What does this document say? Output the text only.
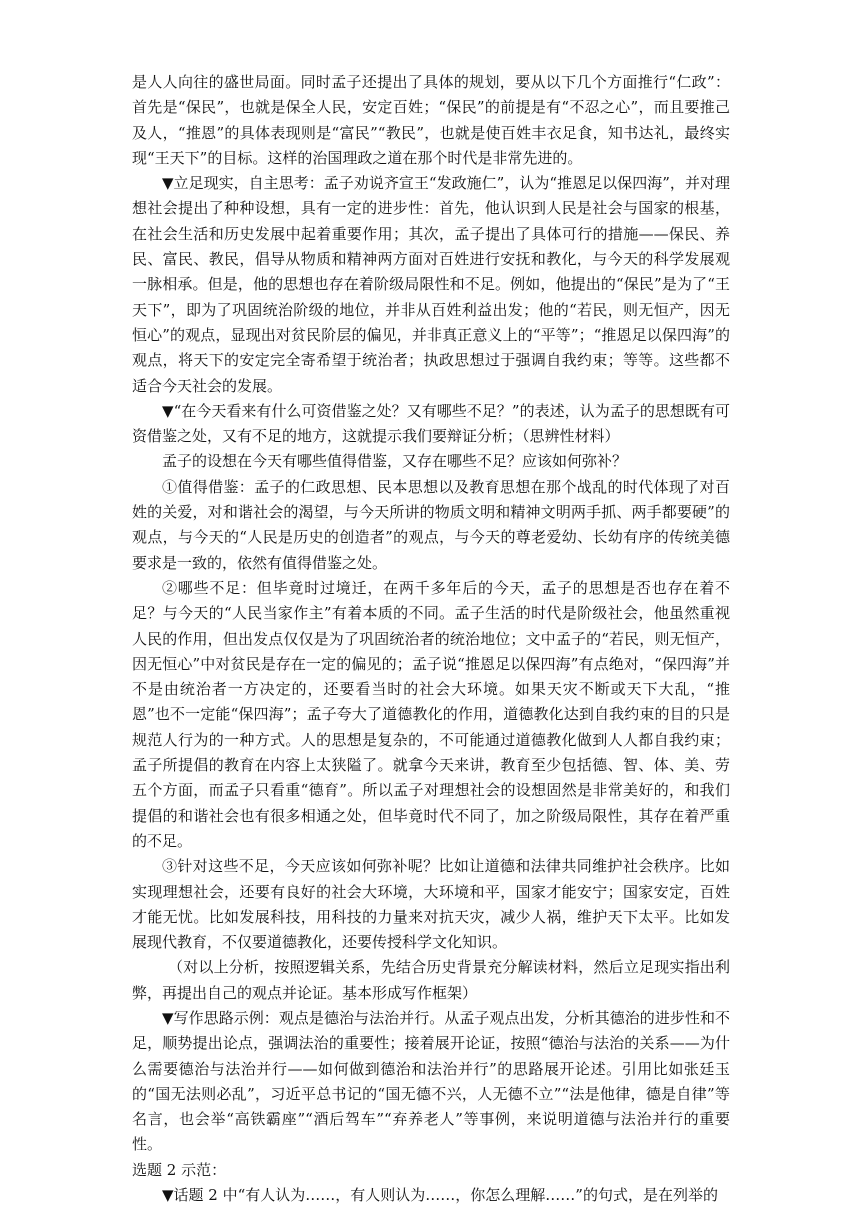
是人人向往的盛世局面。同时孟子还提出了具体的规划，要从以下几个方面推行“仁政”：首先是“保民”，也就是保全人民，安定百姓；“保民”的前提是有“不忍之心”，而且要推己及人，“推恩”的具体表现则是“富民”“教民”，也就是使百姓丰衣足食，知书达礼，最终实现“王天下”的目标。这样的治国理政之道在那个时代是非常先进的。

▼立足现实，自主思考：孟子劝说齐宣王“发政施仁”，认为“推恩足以保四海”，并对理想社会提出了种种设想，具有一定的进步性：首先，他认识到人民是社会与国家的根基，在社会生活和历史发展中起着重要作用；其次，孟子提出了具体可行的措施——保民、养民、富民、教民，倡导从物质和精神两方面对百姓进行安抚和教化，与今天的科学发展观一脉相承。但是，他的思想也存在着阶级局限性和不足。例如，他提出的“保民”是为了“王天下”，即为了巩固统治阶级的地位，并非从百姓利益出发；他的“若民，则无恒产，因无恒心”的观点，显现出对贫民阶层的偏见，并非真正意义上的“平等”；“推恩足以保四海”的观点，将天下的安定完全寄希望于统治者；执政思想过于强调自我约束；等等。这些都不适合今天社会的发展。

▼“在今天看来有什么可资借鉴之处？又有哪些不足？”的表述，认为孟子的思想既有可资借鉴之处，又有不足的地方，这就提示我们要辩证分析；（思辨性材料）

孟子的设想在今天有哪些值得借鉴，又存在哪些不足？应该如何弥补？

①值得借鉴：孟子的仁政思想、民本思想以及教育思想在那个战乱的时代体现了对百姓的关爱，对和谐社会的渴望，与今天所讲的物质文明和精神文明两手抓、两手都要硬”的观点，与今天的“人民是历史的创造者”的观点，与今天的尊老爱幼、长幼有序的传统美德要求是一致的，依然有值得借鉴之处。

②哪些不足：但毕竟时过境迁，在两千多年后的今天，孟子的思想是否也存在着不足？与今天的“人民当家作主”有着本质的不同。孟子生活的时代是阶级社会，他虽然重视人民的作用，但出发点仅仅是为了巩固统治者的统治地位；文中孟子的“若民，则无恒产，因无恒心”中对贫民是存在一定的偏见的；孟子说“推恩足以保四海”有点绝对，“保四海”并不是由统治者一方决定的，还要看当时的社会大环境。如果天灾不断或天下大乱，“推恩”也不一定能“保四海”；孟子夸大了道德教化的作用，道德教化达到自我约束的目的只是规范人行为的一种方式。人的思想是复杂的，不可能通过道德教化做到人人都自我约束；孟子所提倡的教育在内容上太狭隘了。就拿今天来讲，教育至少包括德、智、体、美、劳五个方面，而孟子只看重“德育”。所以孟子对理想社会的设想固然是非常美好的，和我们提倡的和谐社会也有很多相通之处，但毕竟时代不同了，加之阶级局限性，其存在着严重的不足。

③针对这些不足，今天应该如何弥补呢？比如让道德和法律共同维护社会秩序。比如实现理想社会，还要有良好的社会大环境，大环境和平，国家才能安宁；国家安定，百姓才能无忧。比如发展科技，用科技的力量来对抗天灾，减少人祸，维护天下太平。比如发展现代教育，不仅要道德教化，还要传授科学文化知识。

（对以上分析，按照逻辑关系，先结合历史背景充分解读材料，然后立足现实指出利弊，再提出自己的观点并论证。基本形成写作框架）

▼写作思路示例：观点是德治与法治并行。从孟子观点出发，分析其德治的进步性和不足，顺势提出论点，强调法治的重要性；接着展开论证，按照“德治与法治的关系——为什么需要德治与法治并行——如何做到德治和法治并行”的思路展开论述。引用比如张廷玉的“国无法则必乱”，习近平总书记的“国无德不兴，人无德不立”“法是他律，德是自律”等名言，也会举“高铁霸座”“酒后驾车”“弃养老人”等事例，来说明道德与法治并行的重要性。

选题 2 示范：

▼话题 2 中“有人认为……，有人则认为……，你怎么理解……”的句式，是在列举的
